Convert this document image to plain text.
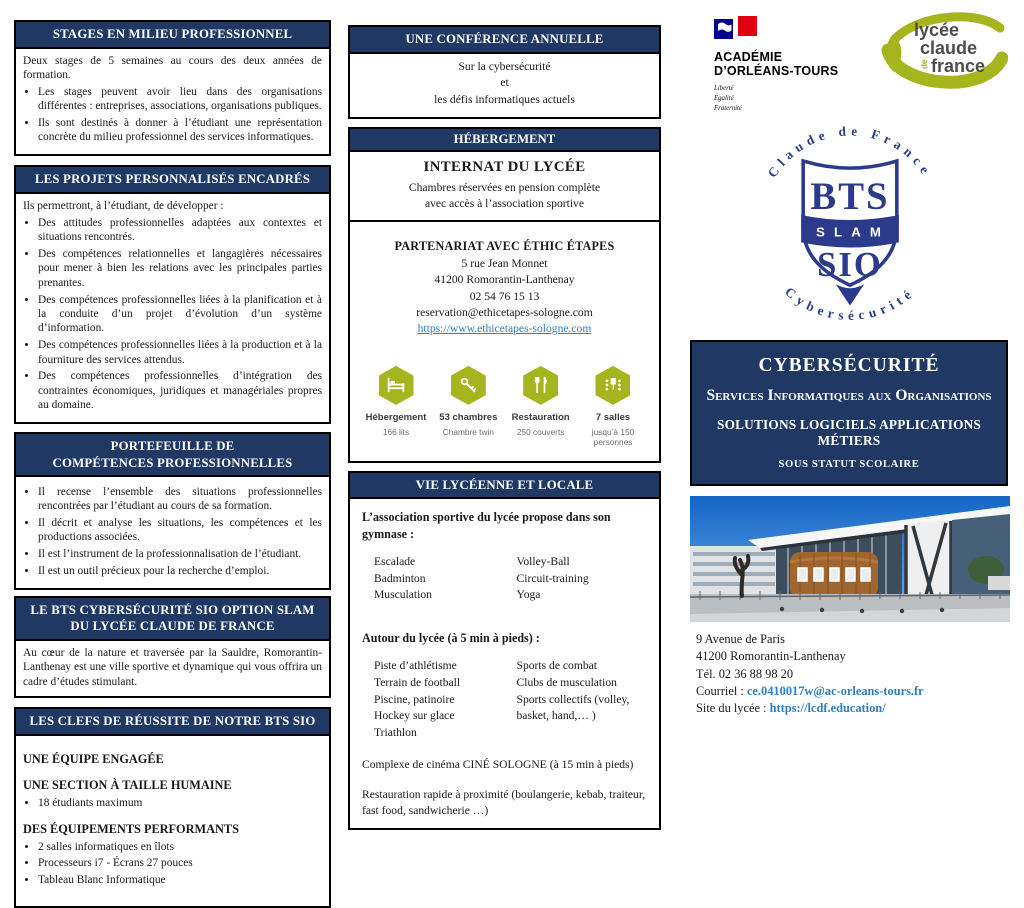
STAGES EN MILIEU PROFESSIONNEL
Deux stages de 5 semaines au cours des deux années de formation.
• Les stages peuvent avoir lieu dans des organisations différentes : entreprises, associations, organisations publiques.
• Ils sont destinés à donner à l’étudiant une représentation concrète du milieu professionnel des services informatiques.
LES PROJETS PERSONNALISÉS ENCADRÉS
Ils permettront, à l’étudiant, de développer :
• Des attitudes professionnelles adaptées aux contextes et situations rencontrés.
• Des compétences relationnelles et langagières nécessaires pour mener à bien les relations avec les principales parties prenantes.
• Des compétences professionnelles liées à la planification et à la conduite d’un projet d’évolution d’un système d’information.
• Des compétences professionnelles liées à la production et à la fourniture des services attendus.
• Des compétences professionnelles d’intégration des contraintes économiques, juridiques et managériales propres au domaine.
PORTEFEUILLE DE
COMPÉTENCES PROFESSIONNELLES
• Il recense l’ensemble des situations professionnelles rencontrées par l’étudiant au cours de sa formation.
• Il décrit et analyse les situations, les compétences et les productions associées.
• Il est l’instrument de la professionnalisation de l’étudiant.
• Il est un outil précieux pour la recherche d’emploi.
LE BTS CYBERSÉCURITÉ SIO OPTION SLAM
DU LYCÉE CLAUDE DE FRANCE
Au cœur de la nature et traversée par la Sauldre, Romorantin-Lanthenay est une ville sportive et dynamique qui vous offrira un cadre d’études stimulant.
LES CLEFS DE RÉUSSITE DE NOTRE BTS SIO
UNE ÉQUIPE ENGAGÉE
UNE SECTION À TAILLE HUMAINE
• 18 étudiants maximum
DES ÉQUIPEMENTS PERFORMANTS
• 2 salles informatiques en îlots
• Processeurs i7 - Écrans 27 pouces
• Tableau Blanc Informatique
UNE CONFÉRENCE ANNUELLE
Sur la cybersécurité
et
les défis informatiques actuels
HÉBERGEMENT
INTERNAT DU LYCÉE
Chambres réservées en pension complète
avec accès à l’association sportive
PARTENARIAT AVEC ÉTHIC ÉTAPES
5 rue Jean Monnet
41200 Romorantin-Lanthenay
02 54 76 15 13
reservation@ethicetapes-sologne.com
https://www.ethicetapes-sologne.com
Hébergement
166 lits
53 chambres
Chambre twin
Restauration
250 couverts
7 salles
jusqu’à 150 personnes
VIE LYCÉENNE ET LOCALE
L’association sportive du lycée propose dans son gymnase :
Escalade
Badminton
Musculation
Volley-Ball
Circuit-training
Yoga
Autour du lycée (à 5 min à pieds) :
Piste d’athlétisme
Terrain de football
Piscine, patinoire
Hockey sur glace
Triathlon
Sports de combat
Clubs de musculation
Sports collectifs (volley,
basket, hand,… )
Complexe de cinéma CINÉ SOLOGNE (à 15 min à pieds)
Restauration rapide à proximité (boulangerie, kebab, traiteur, fast food, sandwicherie …)
ACADÉMIE
D’ORLÉANS-TOURS
Liberté
Égalité
Fraternité
lycée
claude
de france
Claude de France
Cybersécurité
BTS
SLAM
SIO
CYBERSÉCURITÉ
Services Informatiques aux Organisations
SOLUTIONS LOGICIELS APPLICATIONS MÉTIERS
SOUS STATUT SCOLAIRE
9 Avenue de Paris
41200 Romorantin-Lanthenay
Tél. 02 36 88 98 20
Courriel : ce.0410017w@ac-orleans-tours.fr
Site du lycée : https://lcdf.education/
